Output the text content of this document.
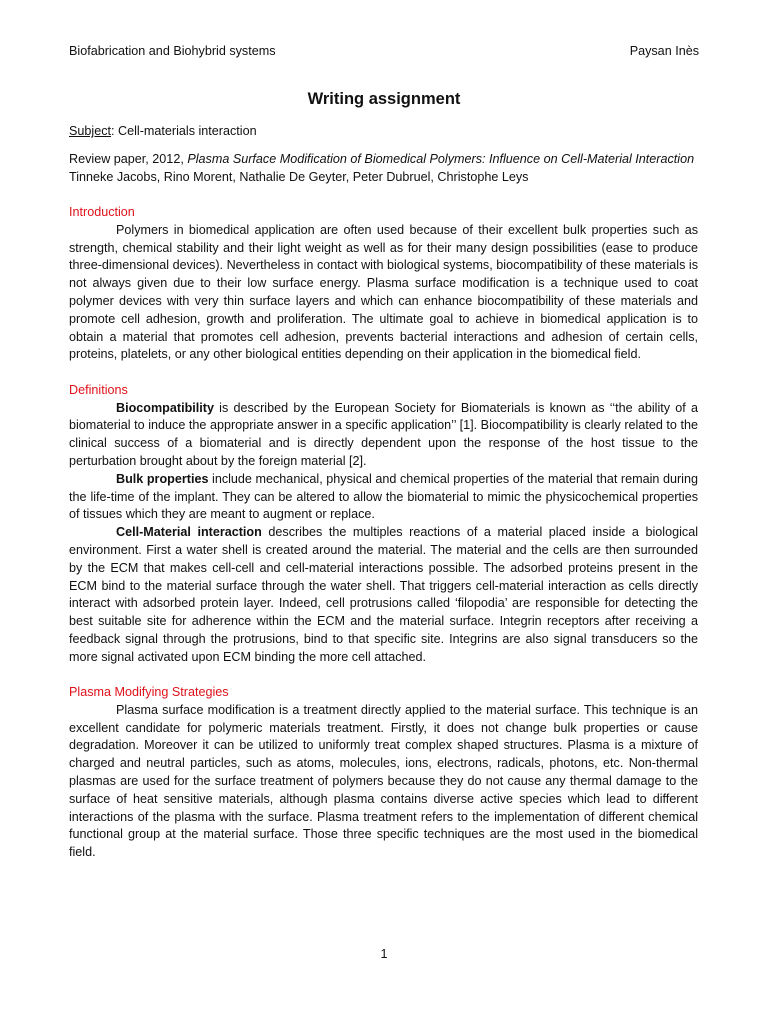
Biofabrication and Biohybrid systems	Paysan Inès
Writing assignment

Subject: Cell-materials interaction

Review paper, 2012, Plasma Surface Modification of Biomedical Polymers: Influence on Cell-Material Interaction

Tinneke Jacobs, Rino Morent, Nathalie De Geyter, Peter Dubruel, Christophe Leys

Introduction

Polymers in biomedical application are often used because of their excellent bulk properties such as strength, chemical stability and their light weight as well as for their many design possibilities (ease to produce three-dimensional devices). Nevertheless in contact with biological systems, biocompatibility of these materials is not always given due to their low surface energy. Plasma surface modification is a technique used to coat polymer devices with very thin surface layers and which can enhance biocompatibility of these materials and promote cell adhesion, growth and proliferation. The ultimate goal to achieve in biomedical application is to obtain a material that promotes cell adhesion, prevents bacterial interactions and adhesion of certain cells, proteins, platelets, or any other biological entities depending on their application in the biomedical field.

Definitions

Biocompatibility is described by the European Society for Biomaterials is known as ‘‘the ability of a biomaterial to induce the appropriate answer in a specific application’’ [1]. Biocompatibility is clearly related to the clinical success of a biomaterial and is directly dependent upon the response of the host tissue to the perturbation brought about by the foreign material [2].

Bulk properties include mechanical, physical and chemical properties of the material that remain during the life-time of the implant. They can be altered to allow the biomaterial to mimic the physicochemical properties of tissues which they are meant to augment or replace.

Cell-Material interaction describes the multiples reactions of a material placed inside a biological environment. First a water shell is created around the material. The material and the cells are then surrounded by the ECM that makes cell-cell and cell-material interactions possible. The adsorbed proteins present in the ECM bind to the material surface through the water shell. That triggers cell-material interaction as cells directly interact with adsorbed protein layer. Indeed, cell protrusions called ‘filopodia’ are responsible for detecting the best suitable site for adherence within the ECM and the material surface. Integrin receptors after receiving a feedback signal through the protrusions, bind to that specific site. Integrins are also signal transducers so the more signal activated upon ECM binding the more cell attached.

Plasma Modifying Strategies

Plasma surface modification is a treatment directly applied to the material surface. This technique is an excellent candidate for polymeric materials treatment. Firstly, it does not change bulk properties or cause degradation. Moreover it can be utilized to uniformly treat complex shaped structures. Plasma is a mixture of charged and neutral particles, such as atoms, molecules, ions, electrons, radicals, photons, etc. Non-thermal plasmas are used for the surface treatment of polymers because they do not cause any thermal damage to the surface of heat sensitive materials, although plasma contains diverse active species which lead to different interactions of the plasma with the surface. Plasma treatment refers to the implementation of different chemical functional group at the material surface. Those three specific techniques are the most used in the biomedical field.

1
